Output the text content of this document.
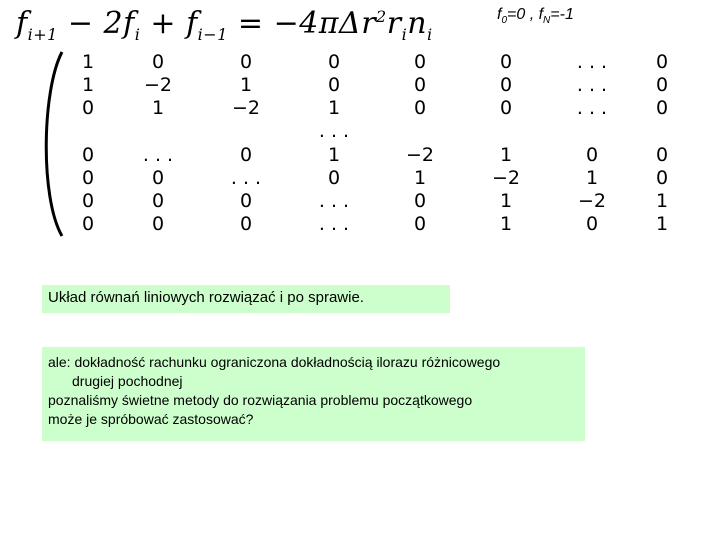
$f_{i+1} - 2f_i + f_{i-1} = -4\pi\Delta r^2r_in_i$
$f_0=0$ , $f_N=-1$
1	0	0	0	0	0	. . .	0
1	−2	1	0	0	0	. . .	0
0	1	−2	1	0	0	. . .	0
. . .
0	. . .	0	1	−2	1	0	0
0	0	. . .	0	1	−2	1	0
0	0	0	. . .	0	1	−2	1
0	0	0	. . .	0	1	0	1
Układ równań liniowych rozwiązać i po sprawie.
ale: dokładność rachunku ograniczona dokładnością ilorazu różnicowego
drugiej pochodnej
poznaliśmy świetne metody do rozwiązania problemu początkowego
może je spróbować zastosować?
